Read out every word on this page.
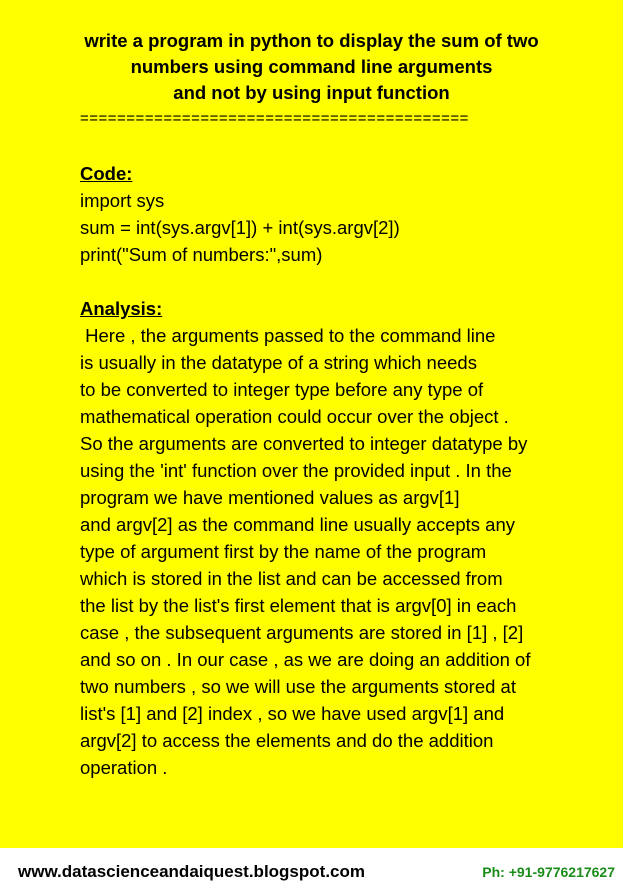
write a program in python to display the sum of two
numbers using command line arguments
and not by using input function
==========================================
Code:
import sys
sum = int(sys.argv[1]) + int(sys.argv[2])
print("Sum of numbers:",sum)
Analysis:
Here , the arguments passed to the command line
is usually in the datatype of a string which needs
to be converted to integer type before any type of
mathematical operation could occur over the object .
So the arguments are converted to integer datatype by
using the 'int' function over the provided input . In the
program we have mentioned values as argv[1]
and argv[2] as the command line usually accepts any
type of argument first by the name of the program
which is stored in the list and can be accessed from
the list by the list's first element that is argv[0] in each
case , the subsequent arguments are stored in [1] , [2]
and so on . In our case , as we are doing an addition of
two numbers , so we will use the arguments stored at
list's [1] and [2] index , so we have used argv[1] and
argv[2] to access the elements and do the addition
operation .
www.datascienceandaiquest.blogspot.com	Ph: +91-9776217627
